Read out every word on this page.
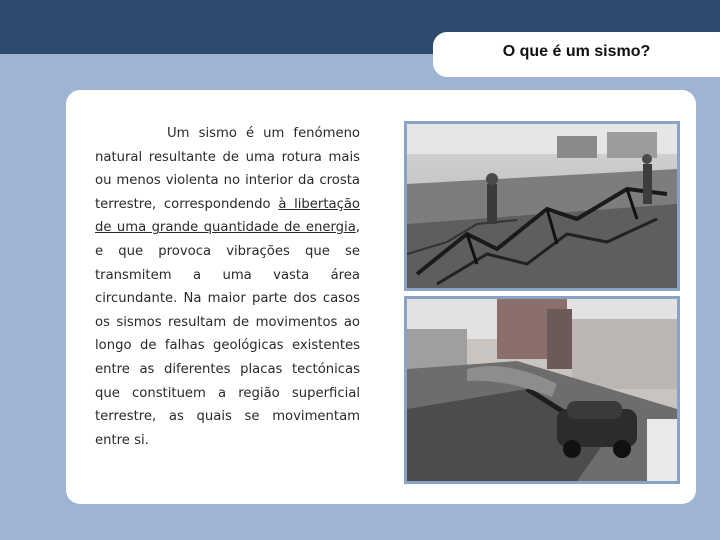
O que é um sismo?

Um sismo é um fenómeno natural resultante de uma rotura mais ou menos violenta no interior da crosta terrestre, correspondendo à libertação de uma grande quantidade de energia, e que provoca vibrações que se transmitem a uma vasta área circundante. Na maior parte dos casos os sismos resultam de movimentos ao longo de falhas geológicas existentes entre as diferentes placas tectónicas que constituem a região superficial terrestre, as quais se movimentam entre si.
